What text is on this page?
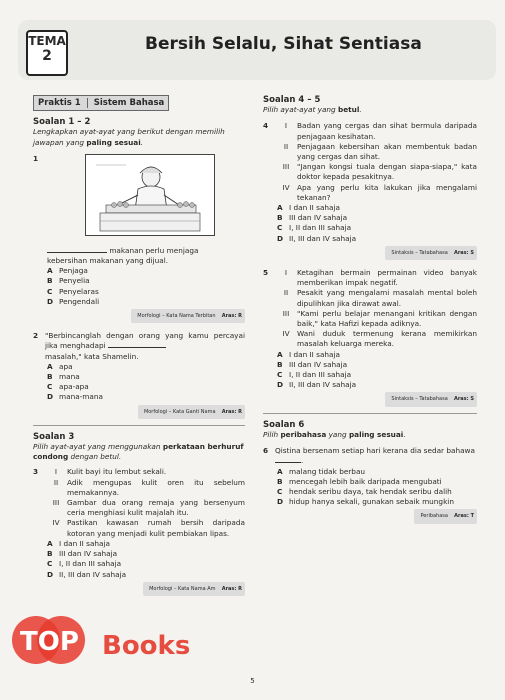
TEMA
2
Bersih Selalu, Sihat Sentiasa
Praktis 1 Sistem Bahasa
Soalan 1 – 2
Lengkapkan ayat-ayat yang berikut dengan memilih jawapan yang paling sesuai.
1
makanan perlu menjaga
kebersihan makanan yang dijual.
A Penjaga
B Penyelia
C Penyelaras
D Pengendali
Morfologi – Kata Nama Terbitan Aras: R
2 "Berbincanglah dengan orang yang kamu percayai jika menghadapi
masalah," kata Shamelin.
A apa
B mana
C apa-apa
D mana-mana
Morfologi – Kata Ganti Nama Aras: R
Soalan 3
Pilih ayat-ayat yang menggunakan perkataan berhuruf condong dengan betul.
3	I	Kulit bayi itu lembut sekali.
II	Adik mengupas kulit oren itu sebelum memakannya.
III	Gambar dua orang remaja yang bersenyum ceria menghiasi kulit majalah itu.
IV	Pastikan kawasan rumah bersih daripada kotoran yang menjadi kulit pembiakan lipas.
A I dan II sahaja
B III dan IV sahaja
C I, II dan III sahaja
D II, III dan IV sahaja
Morfologi – Kata Nama Am Aras: R
Soalan 4 – 5
Pilih ayat-ayat yang betul.
4	I	Badan yang cergas dan sihat bermula daripada penjagaan kesihatan.
II	Penjagaan kebersihan akan membentuk badan yang cergas dan sihat.
III	"Jangan kongsi tuala dengan siapa-siapa," kata doktor kepada pesakitnya.
IV	Apa yang perlu kita lakukan jika mengalami tekanan?
A I dan II sahaja
B III dan IV sahaja
C I, II dan III sahaja
D II, III dan IV sahaja
Sintaksis – Tatabahasa Aras: S
5	I	Ketagihan bermain permainan video banyak memberikan impak negatif.
II	Pesakit yang mengalami masalah mental boleh dipulihkan jika dirawat awal.
III	"Kami perlu belajar menangani kritikan dengan baik," kata Hafizi kepada adiknya.
IV	Wani duduk termenung kerana memikirkan masalah keluarga mereka.
A I dan II sahaja
B III dan IV sahaja
C I, II dan III sahaja
D II, III dan IV sahaja
Sintaksis – Tatabahasa Aras: S
Soalan 6
Pilih peribahasa yang paling sesuai.
6 Qistina bersenam setiap hari kerana dia sedar bahawa .
A malang tidak berbau
B mencegah lebih baik daripada mengubati
C hendak seribu daya, tak hendak seribu dalih
D hidup hanya sekali, gunakan sebaik mungkin
Peribahasa Aras: T
TOP Books
5
